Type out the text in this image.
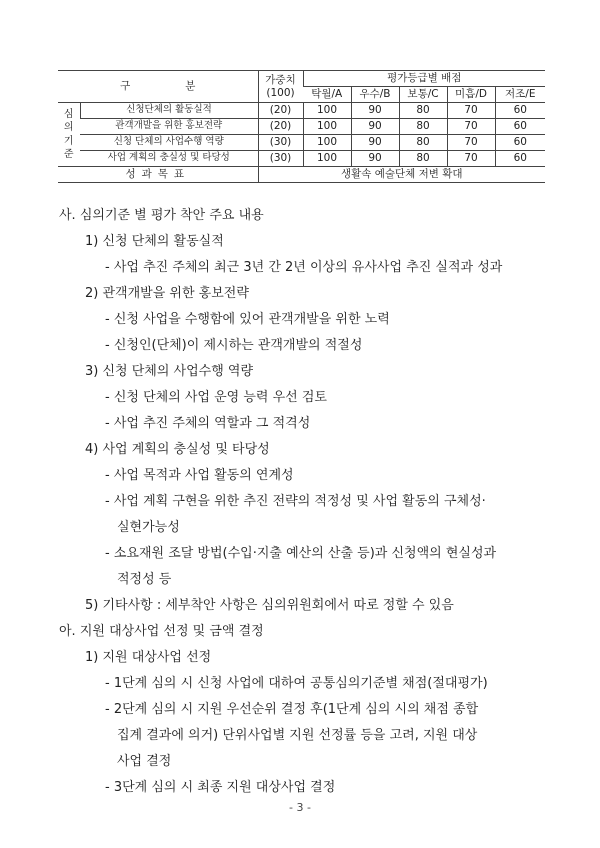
구분		가중치
(100)	평가등급별 배점				
			탁월/A	우수/B	보통/C	미흡/D	저조/E
심
의
기
준	신청단체의 활동실적	(20)	100	90	80	70	60
	관객개발을 위한 홍보전략	(20)	100	90	80	70	60
	신청 단체의 사업수행 역량	(30)	100	90	80	70	60
	사업 계획의 충실성 및 타당성	(30)	100	90	80	70	60
성과목표		생활속 예술단체 저변 확대					
사. 심의기준 별 평가 착안 주요 내용
1) 신청 단체의 활동실적
- 사업 추진 주체의 최근 3년 간 2년 이상의 유사사업 추진 실적과 성과
2) 관객개발을 위한 홍보전략
- 신청 사업을 수행함에 있어 관객개발을 위한 노력
- 신청인(단체)이 제시하는 관객개발의 적절성
3) 신청 단체의 사업수행 역량
- 신청 단체의 사업 운영 능력 우선 검토
- 사업 추진 주체의 역할과 그 적격성
4) 사업 계획의 충실성 및 타당성
- 사업 목적과 사업 활동의 연계성
- 사업 계획 구현을 위한 추진 전략의 적정성 및 사업 활동의 구체성·
실현가능성
- 소요재원 조달 방법(수입·지출 예산의 산출 등)과 신청액의 현실성과
적정성 등
5) 기타사항 : 세부착안 사항은 심의위원회에서 따로 정할 수 있음
아. 지원 대상사업 선정 및 금액 결정
1) 지원 대상사업 선정
- 1단계 심의 시 신청 사업에 대하여 공통심의기준별 채점(절대평가)
- 2단계 심의 시 지원 우선순위 결정 후(1단계 심의 시의 채점 종합
집계 결과에 의거) 단위사업별 지원 선정률 등을 고려, 지원 대상
사업 결정
- 3단계 심의 시 최종 지원 대상사업 결정
- 3 -
